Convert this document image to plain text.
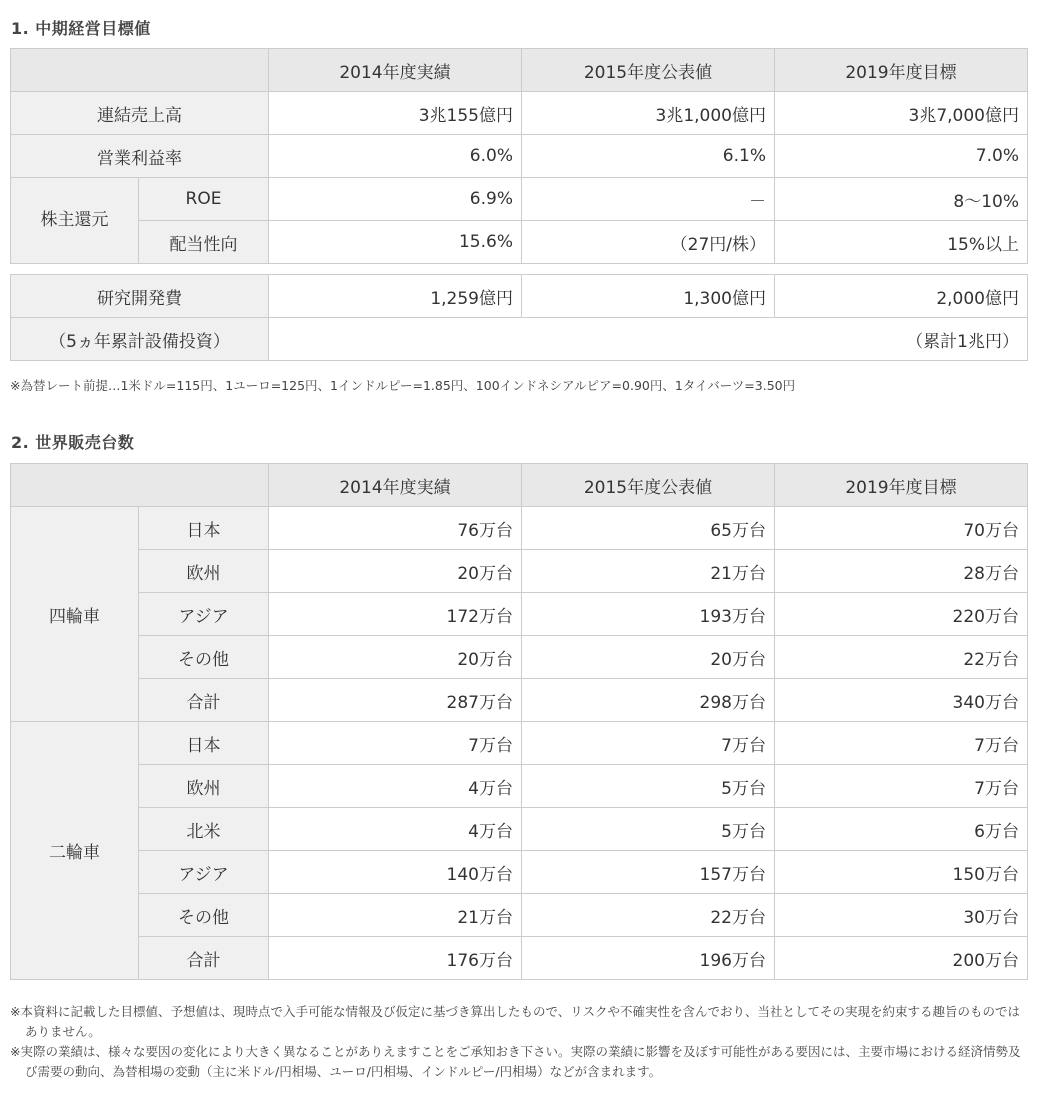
1. 中期経営目標値
		2014年度実績	2015年度公表値	2019年度目標
連結売上高		3兆155億円	3兆1,000億円	3兆7,000億円
営業利益率		6.0%	6.1%	7.0%
株主還元	ROE	6.9%	－	8～10%
	配当性向	15.6%	（27円/株）	15%以上
研究開発費	1,259億円	1,300億円	2,000億円
（5ヵ年累計設備投資）	（累計1兆円）		

※為替レート前提…1米ドル=115円、1ユーロ=125円、1インドルピー=1.85円、100インドネシアルピア=0.90円、1タイバーツ=3.50円

2. 世界販売台数
		2014年度実績	2015年度公表値	2019年度目標
四輪車	日本	76万台	65万台	70万台
	欧州	20万台	21万台	28万台
	アジア	172万台	193万台	220万台
	その他	20万台	20万台	22万台
	合計	287万台	298万台	340万台
二輪車	日本	7万台	7万台	7万台
	欧州	4万台	5万台	7万台
	北米	4万台	5万台	6万台
	アジア	140万台	157万台	150万台
	その他	21万台	22万台	30万台
	合計	176万台	196万台	200万台

※本資料に記載した目標値、予想値は、現時点で入手可能な情報及び仮定に基づき算出したもので、リスクや不確実性を含んでおり、当社としてその実現を約束する趣旨のものではありません。

※実際の業績は、様々な要因の変化により大きく異なることがありえますことをご承知おき下さい。実際の業績に影響を及ぼす可能性がある要因には、主要市場における経済情勢及び需要の動向、為替相場の変動（主に米ドル/円相場、ユーロ/円相場、インドルピー/円相場）などが含まれます。
